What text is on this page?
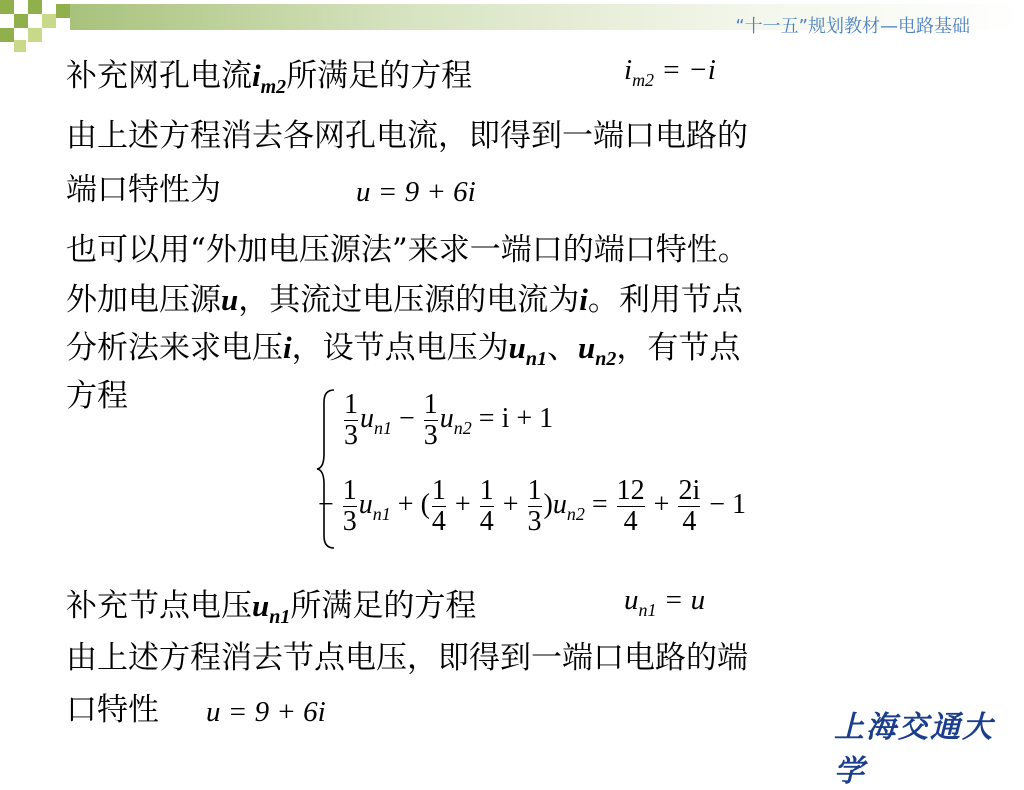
“十一五”规划教材—电路基础
补充网孔电流$i_{m2}$所满足的方程	$i_{m2} = -i$
由上述方程消去各网孔电流，即得到一端口电路的
端口特性为	u = 9 + 6i
也可以用“外加电压源法”来求一端口的端口特性。
外加电压源u，其流过电压源的电流为i。利用节点
分析法来求电压i，设节点电压为$u_{n1}$、$u_{n2}$，有节点
方程	$\frac{1}{3} u_{n1} - \frac{1}{3} u_{n2} = i + 1$
− $\frac{1}{3} u_{n1}$ + ( $\frac{1}{4} + \frac{1}{4} + \frac{1}{3} )u_{n2} = \frac{12}{4} + \frac{2i}{4} - 1$
补充节点电压$u_{n1}$所满足的方程	$u_{n1} = u$
由上述方程消去节点电压，即得到一端口电路的端
口特性 u = 9 + 6i	上海交通大学
